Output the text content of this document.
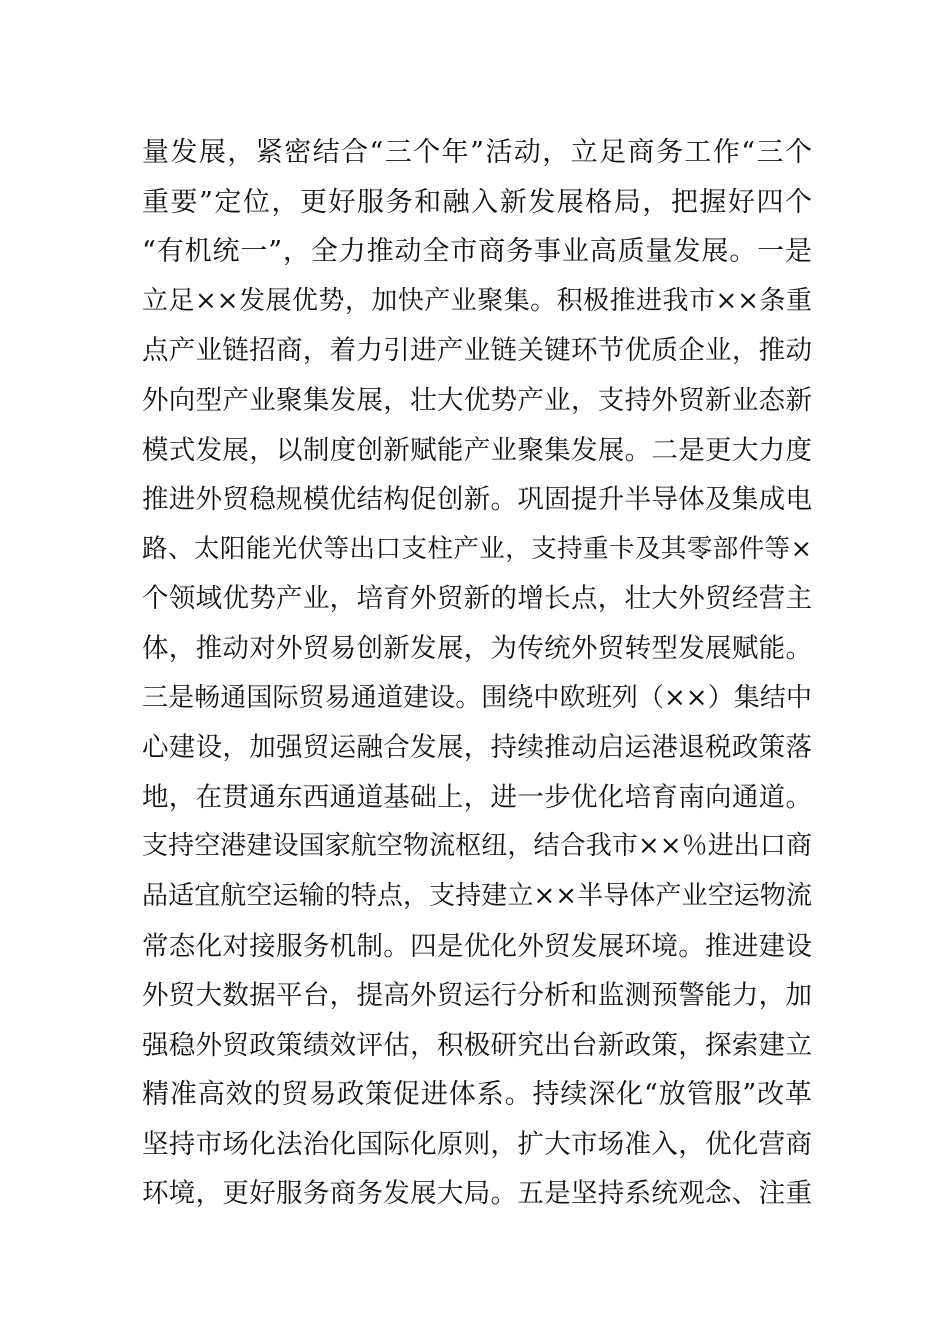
量发展，紧密结合“三个年”活动，立足商务工作“三个
重要”定位，更好服务和融入新发展格局，把握好四个
“有机统一”，全力推动全市商务事业高质量发展。一是
立足××发展优势，加快产业聚集。积极推进我市××条重
点产业链招商，着力引进产业链关键环节优质企业，推动
外向型产业聚集发展，壮大优势产业，支持外贸新业态新
模式发展，以制度创新赋能产业聚集发展。二是更大力度
推进外贸稳规模优结构促创新。巩固提升半导体及集成电
路、太阳能光伏等出口支柱产业，支持重卡及其零部件等×
个领域优势产业，培育外贸新的增长点，壮大外贸经营主
体，推动对外贸易创新发展，为传统外贸转型发展赋能。
三是畅通国际贸易通道建设。围绕中欧班列（××）集结中
心建设，加强贸运融合发展，持续推动启运港退税政策落
地，在贯通东西通道基础上，进一步优化培育南向通道。
支持空港建设国家航空物流枢纽，结合我市××％进出口商
品适宜航空运输的特点，支持建立××半导体产业空运物流
常态化对接服务机制。四是优化外贸发展环境。推进建设
外贸大数据平台，提高外贸运行分析和监测预警能力，加
强稳外贸政策绩效评估，积极研究出台新政策，探索建立
精准高效的贸易政策促进体系。持续深化“放管服”改革
坚持市场化法治化国际化原则，扩大市场准入，优化营商
环境，更好服务商务发展大局。五是坚持系统观念、注重
